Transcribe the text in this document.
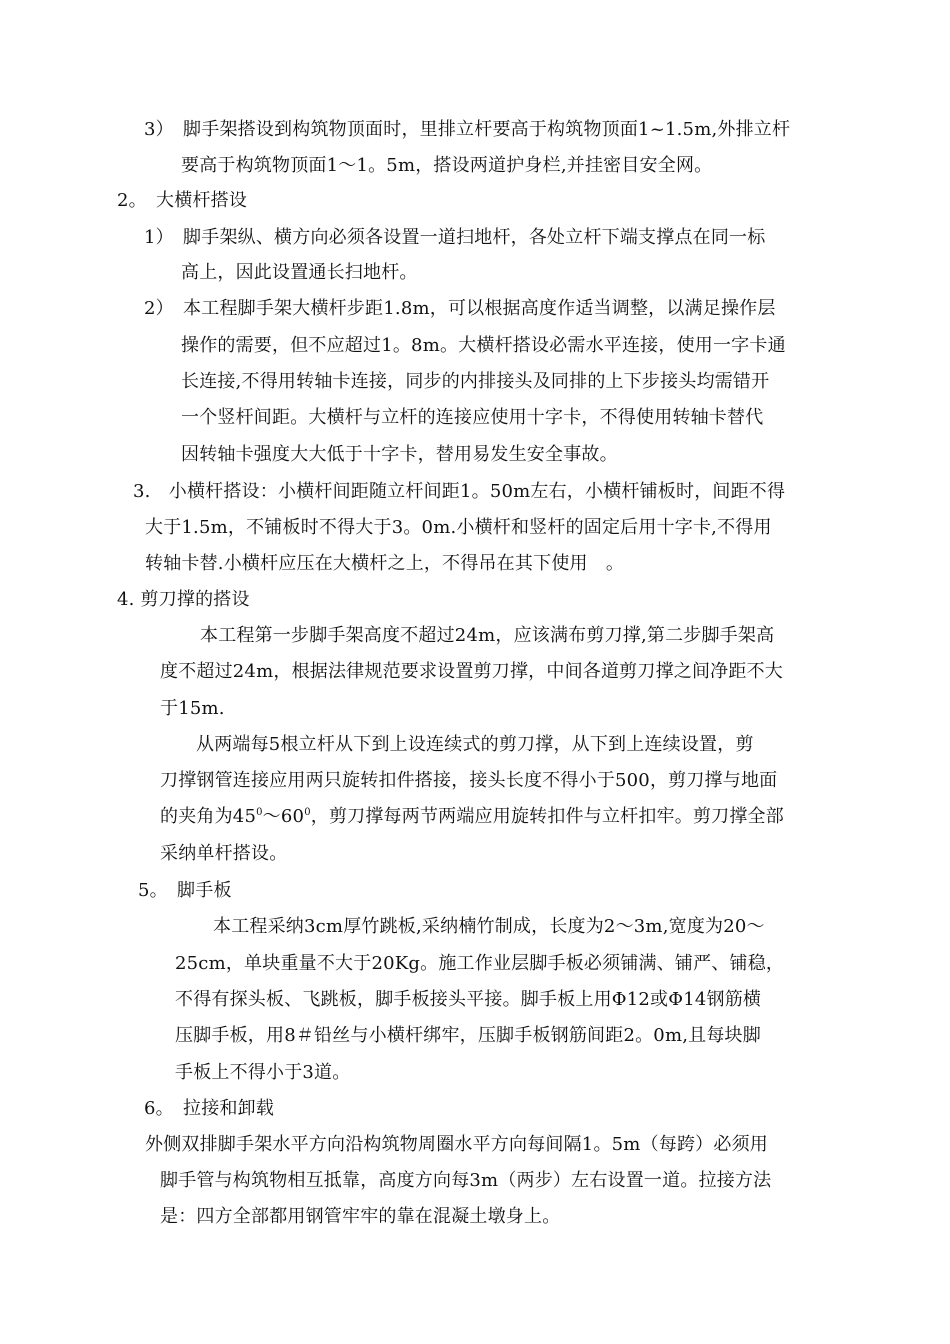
3）　脚手架搭设到构筑物顶面时，里排立杆要高于构筑物顶面1~1.5m,外排立杆
要高于构筑物顶面1～1。5m，搭设两道护身栏,并挂密目安全网。
2。　大横杆搭设
1）　脚手架纵、横方向必须各设置一道扫地杆，各处立杆下端支撑点在同一标
高上，因此设置通长扫地杆。
2）　本工程脚手架大横杆步距1.8m，可以根据高度作适当调整，以满足操作层
操作的需要，但不应超过1。8m。大横杆搭设必需水平连接，使用一字卡通
长连接,不得用转轴卡连接，同步的内排接头及同排的上下步接头均需错开
一个竖杆间距。大横杆与立杆的连接应使用十字卡，不得使用转轴卡替代
因转轴卡强度大大低于十字卡，替用易发生安全事故。
3.　小横杆搭设：小横杆间距随立杆间距1。50m左右，小横杆铺板时，间距不得
大于1.5m，不铺板时不得大于3。0m.小横杆和竖杆的固定后用十字卡,不得用
转轴卡替.小横杆应压在大横杆之上，不得吊在其下使用　。
4. 剪刀撑的搭设
本工程第一步脚手架高度不超过24m，应该满布剪刀撑,第二步脚手架高
度不超过24m，根据法律规范要求设置剪刀撑，中间各道剪刀撑之间净距不大
于15m.
从两端每5根立杆从下到上设连续式的剪刀撑，从下到上连续设置，剪
刀撑钢管连接应用两只旋转扣件搭接，接头长度不得小于500，剪刀撑与地面
的夹角为$45^0\sim 60^0$，剪刀撑每两节两端应用旋转扣件与立杆扣牢。剪刀撑全部
采纳单杆搭设。
5。　脚手板
本工程采纳3cm厚竹跳板,采纳楠竹制成，长度为2～3m,宽度为20～
25cm，单块重量不大于20Kg。施工作业层脚手板必须铺满、铺严、铺稳，
不得有探头板、飞跳板，脚手板接头平接。脚手板上用Φ12或Φ14钢筋横
压脚手板，用8＃铅丝与小横杆绑牢，压脚手板钢筋间距2。0m,且每块脚
手板上不得小于3道。
6。　拉接和卸载
外侧双排脚手架水平方向沿构筑物周圈水平方向每间隔1。5m（每跨）必须用
脚手管与构筑物相互抵靠，高度方向每3m（两步）左右设置一道。拉接方法
是：四方全部都用钢管牢牢的靠在混凝土墩身上。
